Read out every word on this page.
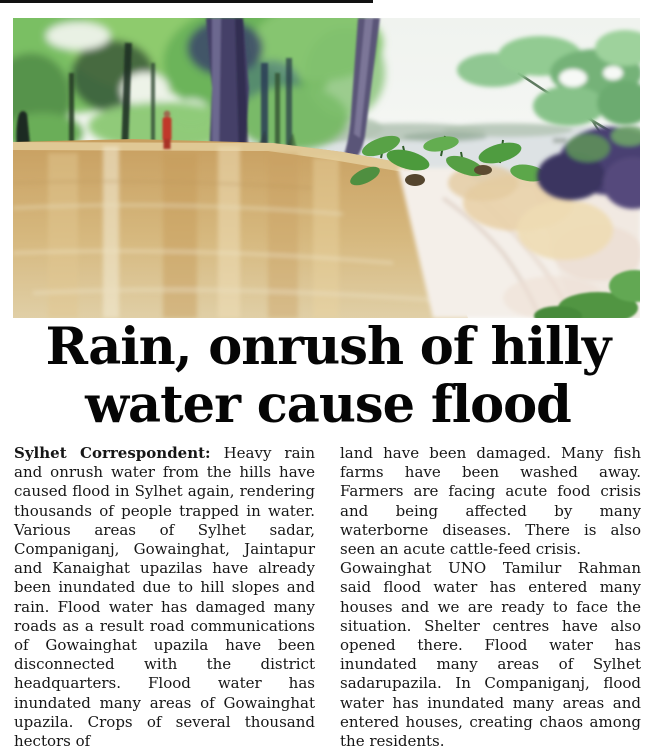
Rain, onrush of hilly
water cause flood

Sylhet Correspondent: Heavy rain and onrush water from the hills have caused flood in Sylhet again, rendering thousands of people trapped in water. Various areas of Sylhet sadar, Companiganj, Gowainghat, Jaintapur and Kanaighat upazilas have already been inundated due to hill slopes and rain. Flood water has damaged many roads as a result road communications of Gowainghat upazila have been disconnected with the district headquarters. Flood water has inundated many areas of Gowainghat upazila. Crops of several thousand hectors of

land have been damaged. Many fish farms have been washed away. Farmers are facing acute food crisis and being affected by many waterborne diseases. There is also seen an acute cattle-feed crisis.

Gowainghat UNO Tamilur Rahman said flood water has entered many houses and we are ready to face the situation. Shelter centres have also opened there. Flood water has inundated many areas of Sylhet sadarupazila. In Companiganj, flood water has inundated many areas and entered houses, creating chaos among the residents.
